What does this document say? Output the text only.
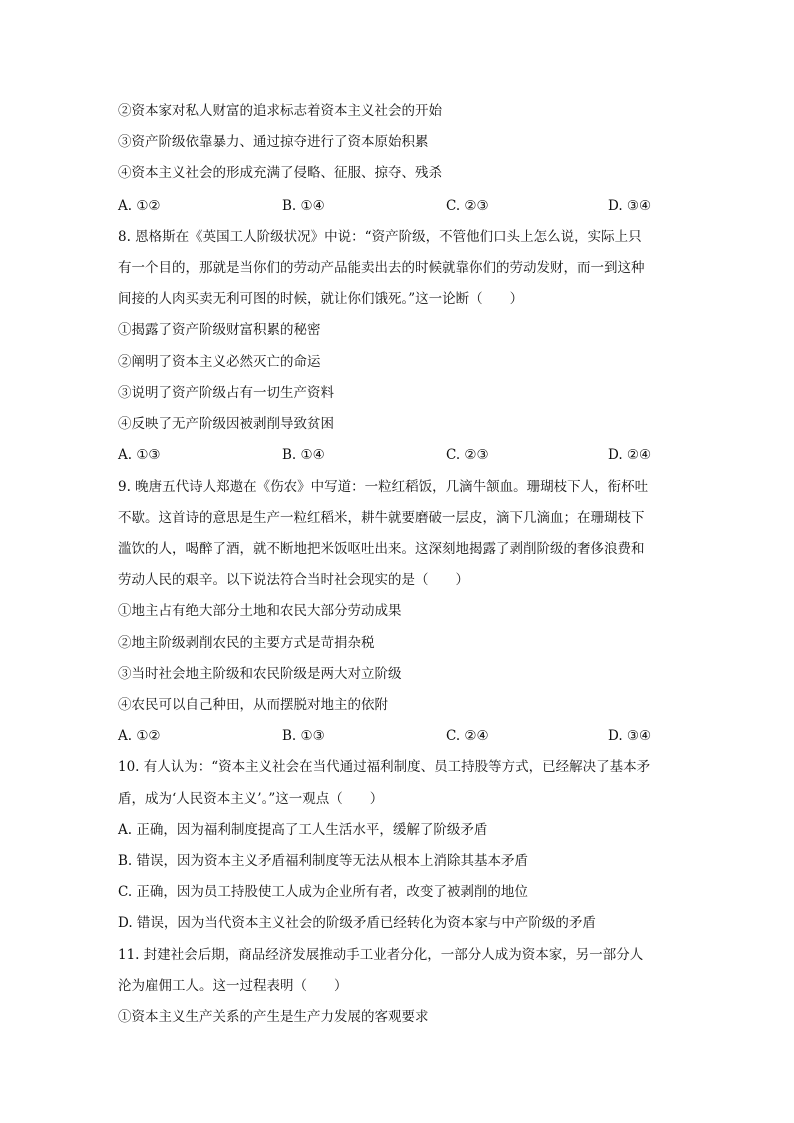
②资本家对私人财富的追求标志着资本主义社会的开始
③资产阶级依靠暴力、通过掠夺进行了资本原始积累
④资本主义社会的形成充满了侵略、征服、掠夺、残杀
A. ①②	B. ①④	C. ②③	D. ③④
8. 恩格斯在《英国工人阶级状况》中说：“资产阶级，不管他们口头上怎么说，实际上只
有一个目的，那就是当你们的劳动产品能卖出去的时候就靠你们的劳动发财，而一到这种
间接的人肉买卖无利可图的时候，就让你们饿死。”这一论断（　　）
①揭露了资产阶级财富积累的秘密
②阐明了资本主义必然灭亡的命运
③说明了资产阶级占有一切生产资料
④反映了无产阶级因被剥削导致贫困
A. ①③	B. ①④	C. ②③	D. ②④
9. 晚唐五代诗人郑遨在《伤农》中写道：一粒红稻饭，几滴牛颔血。珊瑚枝下人，衔杯吐
不歇。这首诗的意思是生产一粒红稻米，耕牛就要磨破一层皮，滴下几滴血；在珊瑚枝下
滥饮的人，喝醉了酒，就不断地把米饭呕吐出来。这深刻地揭露了剥削阶级的奢侈浪费和
劳动人民的艰辛。以下说法符合当时社会现实的是（　　）
①地主占有绝大部分土地和农民大部分劳动成果
②地主阶级剥削农民的主要方式是苛捐杂税
③当时社会地主阶级和农民阶级是两大对立阶级
④农民可以自己种田，从而摆脱对地主的依附
A. ①②	B. ①③	C. ②④	D. ③④
10. 有人认为：“资本主义社会在当代通过福利制度、员工持股等方式，已经解决了基本矛
盾，成为‘人民资本主义’。”这一观点（　　）
A. 正确，因为福利制度提高了工人生活水平，缓解了阶级矛盾
B. 错误，因为资本主义矛盾福利制度等无法从根本上消除其基本矛盾
C. 正确，因为员工持股使工人成为企业所有者，改变了被剥削的地位
D. 错误，因为当代资本主义社会的阶级矛盾已经转化为资本家与中产阶级的矛盾
11. 封建社会后期，商品经济发展推动手工业者分化，一部分人成为资本家，另一部分人
沦为雇佣工人。这一过程表明（　　）
①资本主义生产关系的产生是生产力发展的客观要求
